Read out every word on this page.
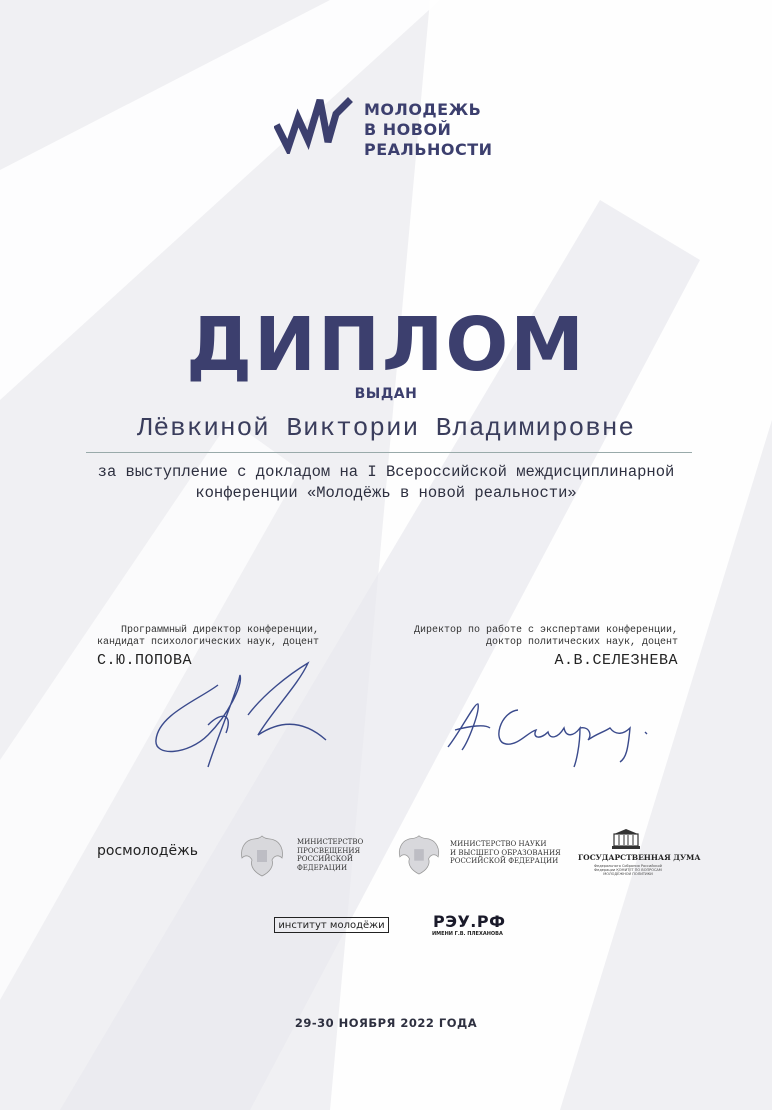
МОЛОДЕЖЬ
В НОВОЙ
РЕАЛЬНОСТИ
ДИПЛОМ
ВЫДАН
Лёвкиной Виктории Владимировне
за выступление с докладом на I Всероссийской междисциплинарной
конференции «Молодёжь в новой реальности»
Программный директор конференции,
кандидат психологических наук, доцент
С.Ю.ПОПОВА
Директор по работе с экспертами конференции,
доктор политических наук, доцент
А.В.СЕЛЕЗНЕВА
росмолодёжь
МИНИСТЕРСТВО
ПРОСВЕЩЕНИЯ
РОССИЙСКОЙ
ФЕДЕРАЦИИ
МИНИСТЕРСТВО НАУКИ
И ВЫСШЕГО ОБРАЗОВАНИЯ
РОССИЙСКОЙ ФЕДЕРАЦИИ	ГОСУДАРСТВЕННАЯ ДУМА
Федерального Собрания Российской Федерации КОМИТЕТ ПО ВОПРОСАМ МОЛОДЁЖНОЙ ПОЛИТИКИ
институт молодёжи	РЭУ.РФ
ИМЕНИ Г.В. ПЛЕХАНОВА
29-30 НОЯБРЯ 2022 ГОДА
